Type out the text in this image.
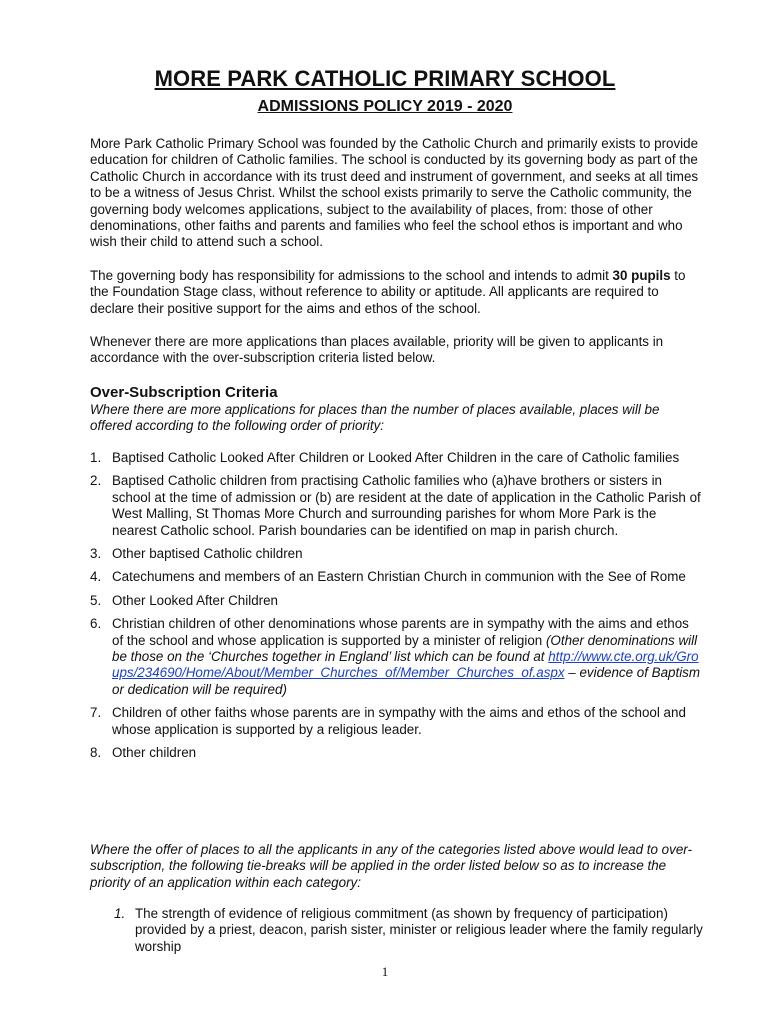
MORE PARK CATHOLIC PRIMARY SCHOOL
ADMISSIONS POLICY 2019 - 2020

More Park Catholic Primary School was founded by the Catholic Church and primarily exists to provide education for children of Catholic families. The school is conducted by its governing body as part of the Catholic Church in accordance with its trust deed and instrument of government, and seeks at all times to be a witness of Jesus Christ. Whilst the school exists primarily to serve the Catholic community, the governing body welcomes applications, subject to the availability of places, from: those of other denominations, other faiths and parents and families who feel the school ethos is important and who wish their child to attend such a school.

The governing body has responsibility for admissions to the school and intends to admit 30 pupils to the Foundation Stage class, without reference to ability or aptitude. All applicants are required to declare their positive support for the aims and ethos of the school.

Whenever there are more applications than places available, priority will be given to applicants in accordance with the over-subscription criteria listed below.

Over-Subscription Criteria

Where there are more applications for places than the number of places available, places will be offered according to the following order of priority:

1. Baptised Catholic Looked After Children or Looked After Children in the care of Catholic families
2. Baptised Catholic children from practising Catholic families who (a)have brothers or sisters in school at the time of admission or (b) are resident at the date of application in the Catholic Parish of West Malling, St Thomas More Church and surrounding parishes for whom More Park is the nearest Catholic school. Parish boundaries can be identified on map in parish church.
3. Other baptised Catholic children
4. Catechumens and members of an Eastern Christian Church in communion with the See of Rome
5. Other Looked After Children
6. Christian children of other denominations whose parents are in sympathy with the aims and ethos of the school and whose application is supported by a minister of religion (Other denominations will be those on the ‘Churches together in England’ list which can be found at http://www.cte.org.uk/Groups/234690/Home/About/Member_Churches_of/Member_Churches_of.aspx – evidence of Baptism or dedication will be required)
7. Children of other faiths whose parents are in sympathy with the aims and ethos of the school and whose application is supported by a religious leader.
8. Other children

Where the offer of places to all the applicants in any of the categories listed above would lead to over-subscription, the following tie-breaks will be applied in the order listed below so as to increase the priority of an application within each category:

1. The strength of evidence of religious commitment (as shown by frequency of participation) provided by a priest, deacon, parish sister, minister or religious leader where the family regularly worship
1
